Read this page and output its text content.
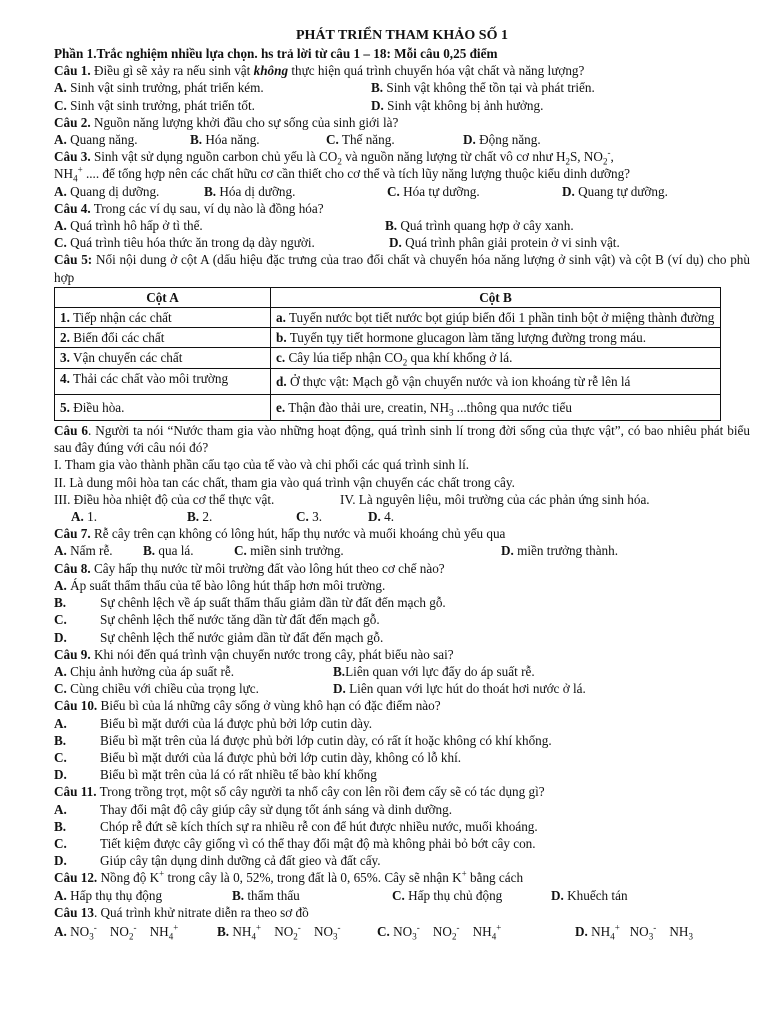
PHÁT TRIỂN THAM KHẢO SỐ 1
Phần 1.Trắc nghiệm nhiều lựa chọn. hs trả lời từ câu 1 – 18: Mỗi câu 0,25 điểm
Câu 1. Điều gì sẽ xảy ra nếu sinh vật không thực hiện quá trình chuyển hóa vật chất và năng lượng?
A. Sinh vật sinh trưởng, phát triển kém.	B. Sinh vật không thể tồn tại và phát triển.
C. Sinh vật sinh trưởng, phát triển tốt.	D. Sinh vật không bị ảnh hưởng.
Câu 2. Nguồn năng lượng khởi đầu cho sự sống của sinh giới là?
A. Quang năng.	B. Hóa năng.	C. Thế năng.	D. Động năng.
Câu 3. Sinh vật sử dụng nguồn carbon chủ yếu là $CO_2$ và nguồn năng lượng từ chất vô cơ như $H_2S$, $NO_2^-$,
$NH_4^+$ .... để tổng hợp nên các chất hữu cơ cần thiết cho cơ thể và tích lũy năng lượng thuộc kiểu dinh dưỡng?
A. Quang dị dưỡng.	B. Hóa dị dưỡng.	C. Hóa tự dưỡng.	D. Quang tự dưỡng.
Câu 4. Trong các ví dụ sau, ví dụ nào là đồng hóa?
A. Quá trình hô hấp ở tì thể.	B. Quá trình quang hợp ở cây xanh.
C. Quá trình tiêu hóa thức ăn trong dạ dày người.	D. Quá trình phân giải protein ở vi sinh vật.
Câu 5: Nối nội dung ở cột A (dấu hiệu đặc trưng của trao đổi chất và chuyển hóa năng lượng ở sinh vật) và cột B (ví dụ) cho phù hợp
Cột A	Cột B
1. Tiếp nhận các chất	a. Tuyến nước bọt tiết nước bọt giúp biến đổi 1 phần tinh bột ở miệng thành đường
2. Biến đổi các chất	b. Tuyến tụy tiết hormone glucagon làm tăng lượng đường trong máu.
3. Vận chuyển các chất	c. Cây lúa tiếp nhận $CO_2$ qua khí khổng ở lá.
4. Thải các chất vào môi trường	d. Ở thực vật: Mạch gỗ vận chuyển nước và ion khoáng từ rễ lên lá
5. Điều hòa.	e. Thận đào thải ure, creatin, $NH_3$ ...thông qua nước tiểu
Câu 6. Người ta nói “Nước tham gia vào những hoạt động, quá trình sinh lí trong đời sống của thực vật”, có bao nhiêu phát biểu sau đây đúng với câu nói đó?
I. Tham gia vào thành phần cấu tạo của tế vào và chi phối các quá trình sinh lí.
II. Là dung môi hòa tan các chất, tham gia vào quá trình vận chuyển các chất trong cây.
III. Điều hòa nhiệt độ của cơ thể thực vật.	IV. Là nguyên liệu, môi trường của các phản ứng sinh hóa.
A. 1.	B. 2.	C. 3.	D. 4.
Câu 7. Rễ cây trên cạn không có lông hút, hấp thụ nước và muối khoáng chủ yếu qua
A. Nấm rễ.	B. qua lá.	C. miền sinh trưởng.	D. miền trưởng thành.
Câu 8. Cây hấp thụ nước từ môi trường đất vào lông hút theo cơ chế nào?
A. Áp suất thẩm thấu của tế bào lông hút thấp hơn môi trường.
B.	Sự chênh lệch về áp suất thẩm thấu giảm dần từ đất đến mạch gỗ.
C.	Sự chênh lệch thế nước tăng dần từ đất đến mạch gỗ.
D.	Sự chênh lệch thế nước giảm dần từ đất đến mạch gỗ.
Câu 9. Khi nói đến quá trình vận chuyển nước trong cây, phát biểu nào sai?
A. Chịu ảnh hưởng của áp suất rễ.	B.Liên quan với lực đẩy do áp suất rễ.
C. Cùng chiều với chiều của trọng lực.	D. Liên quan với lực hút do thoát hơi nước ở lá.
Câu 10. Biểu bì của lá những cây sống ở vùng khô hạn có đặc điểm nào?
A.	Biểu bì mặt dưới của lá được phủ bởi lớp cutin dày.
B.	Biểu bì mặt trên của lá được phủ bởi lớp cutin dày, có rất ít hoặc không có khí khổng.
C.	Biểu bì mặt dưới của lá được phủ bởi lớp cutin dày, không có lỗ khí.
D.	Biểu bì mặt trên của lá có rất nhiều tế bào khí khổng
Câu 11. Trong trồng trọt, một số cây người ta nhổ cây con lên rồi đem cấy sẽ có tác dụng gì?
A.	Thay đổi mật độ cây giúp cây sử dụng tốt ánh sáng và dinh dưỡng.
B.	Chóp rễ đứt sẽ kích thích sự ra nhiều rễ con để hút được nhiều nước, muối khoáng.
C.	Tiết kiệm được cây giống vì có thể thay đổi mật độ mà không phải bỏ bớt cây con.
D.	Giúp cây tận dụng dinh dưỡng cả đất gieo và đất cấy.
Câu 12. Nồng độ K+ trong cây là 0, 52%, trong đất là 0, 65%. Cây sẽ nhận K+ bằng cách
A. Hấp thụ thụ động	B. thẩm thấu	C. Hấp thụ chủ động	D. Khuếch tán
Câu 13. Quá trình khử nitrate diễn ra theo sơ đồ
A. $NO_3^-$    $NO_2^-$    $NH_4^+$	B. $NH_4^+$    $NO_2^-$    $NO_3^-$	C. $NO_3^-$    $NO_2^-$    $NH_4^+$	D. $NH_4^+$   $NO_3^-$    $NH_3$
